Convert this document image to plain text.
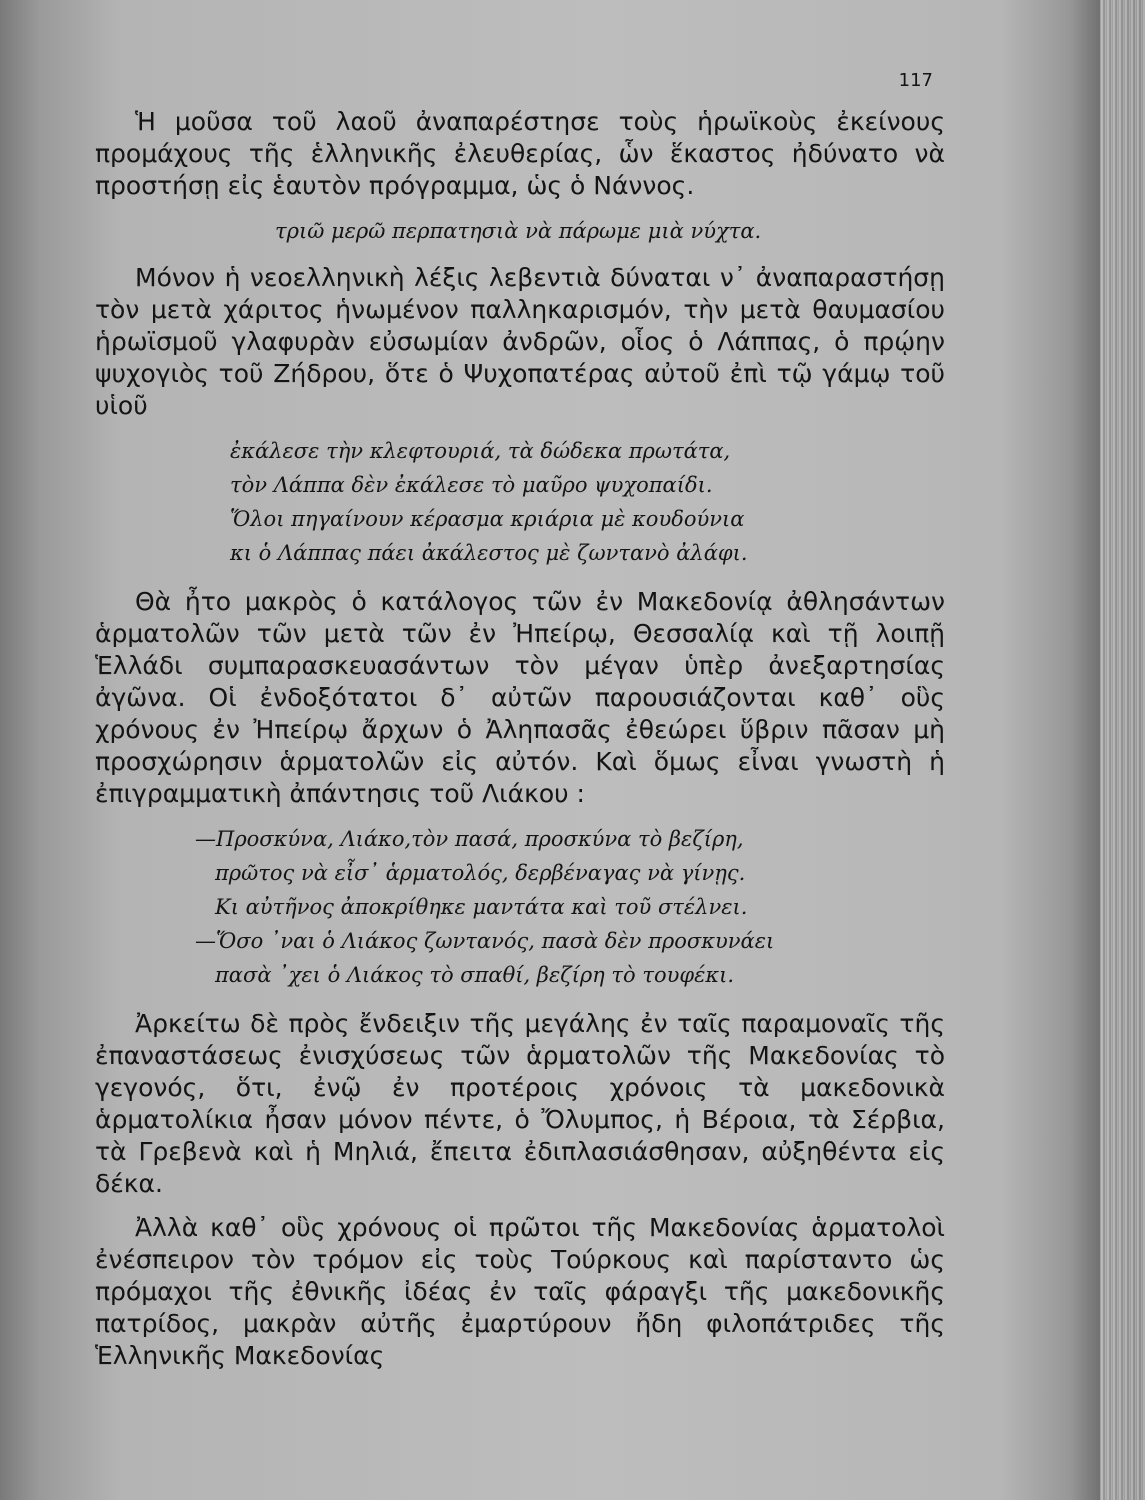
117

Ἡ μοῦσα τοῦ λαοῦ ἀναπαρέστησε τοὺς ἡρωϊκοὺς ἐκείνους προμάχους τῆς ἑλληνικῆς ἐλευθερίας, ὧν ἕκαστος ἠδύνατο νὰ προστήσῃ εἰς ἑαυτὸν πρόγραμμα, ὡς ὁ Νάννος.

τριῶ μερῶ περπατησιὰ νὰ πάρωμε μιὰ νύχτα.

Μόνον ἡ νεοελληνικὴ λέξις λεβεντιὰ δύναται ν᾽ ἀναπαραστήσῃ τὸν μετὰ χάριτος ἡνωμένον παλληκαρισμόν, τὴν μετὰ θαυμασίου ἡρωϊσμοῦ γλαφυρὰν εὐσωμίαν ἀνδρῶν, οἷος ὁ Λάππας, ὁ πρῴην ψυχογιὸς τοῦ Ζήδρου, ὅτε ὁ Ψυχοπατέρας αὐτοῦ ἐπὶ τῷ γάμῳ τοῦ υἱοῦ

ἐκάλεσε τὴν κλεφτουριά, τὰ δώδεκα πρωτάτα,
τὸν Λάππα δὲν ἐκάλεσε τὸ μαῦρο ψυχοπαίδι.
Ὅλοι πηγαίνουν κέρασμα κριάρια μὲ κουδούνια
κι ὁ Λάππας πάει ἀκάλεστος μὲ ζωντανὸ ἀλάφι.

Θὰ ἦτο μακρὸς ὁ κατάλογος τῶν ἐν Μακεδονίᾳ ἀθλησάντων ἁρματολῶν τῶν μετὰ τῶν ἐν Ἠπείρῳ, Θεσσαλίᾳ καὶ τῇ λοιπῇ Ἑλλάδι συμπαρασκευασάντων τὸν μέγαν ὑπὲρ ἀνεξαρτησίας ἀγῶνα. Οἱ ἐνδοξότατοι δ᾽ αὐτῶν παρουσιάζονται καθ᾽ οὓς χρόνους ἐν Ἠπείρῳ ἄρχων ὁ Ἀληπασᾶς ἐθεώρει ὕβριν πᾶσαν μὴ προσχώρησιν ἁρματολῶν εἰς αὐτόν. Καὶ ὅμως εἶναι γνωστὴ ἡ ἐπιγραμματικὴ ἀπάντησις τοῦ Λιάκου :

—Προσκύνα, Λιάκο,τὸν πασά, προσκύνα τὸ βεζίρη,
πρῶτος νὰ εἶσ᾽ ἁρματολός, δερβέναγας νὰ γίνῃς.
Κι αὐτῆνος ἀποκρίθηκε μαντάτα καὶ τοῦ στέλνει.
—Ὅσο ᾽ναι ὁ Λιάκος ζωντανός, πασὰ δὲν προσκυνάει
πασὰ ᾽χει ὁ Λιάκος τὸ σπαθί, βεζίρη τὸ τουφέκι.

Ἀρκείτω δὲ πρὸς ἔνδειξιν τῆς μεγάλης ἐν ταῖς παραμοναῖς τῆς ἐπαναστάσεως ἐνισχύσεως τῶν ἁρματολῶν τῆς Μακεδονίας τὸ γεγονός, ὅτι, ἐνῷ ἐν προτέροις χρόνοις τὰ μακεδονικὰ ἁρματολίκια ἦσαν μόνον πέντε, ὁ Ὄλυμπος, ἡ Βέροια, τὰ Σέρβια, τὰ Γρεβενὰ καὶ ἡ Μηλιά, ἔπειτα ἐδιπλασιάσθησαν, αὐξηθέντα εἰς δέκα.

Ἀλλὰ καθ᾽ οὓς χρόνους οἱ πρῶτοι τῆς Μακεδονίας ἁρματολοὶ ἐνέσπειρον τὸν τρόμον εἰς τοὺς Τούρκους καὶ παρίσταντο ὡς πρόμαχοι τῆς ἐθνικῆς ἰδέας ἐν ταῖς φάραγξι τῆς μακεδονικῆς πατρίδος, μακρὰν αὐτῆς ἐμαρτύρουν ἤδη φιλοπάτριδες τῆς Ἑλληνικῆς Μακεδονίας
